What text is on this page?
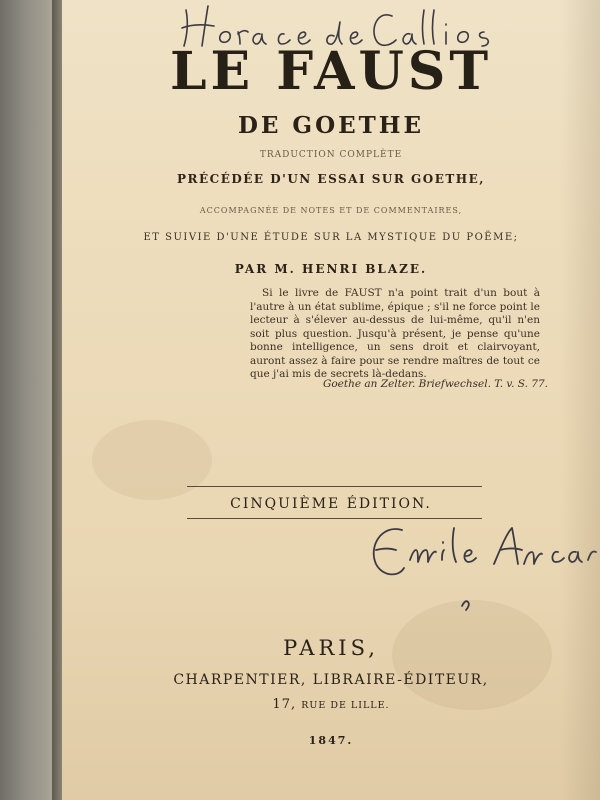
LE FAUST
DE GOETHE
TRADUCTION COMPLÈTE
PRÉCÉDÉE D'UN ESSAI SUR GOETHE,
ACCOMPAGNÉE DE NOTES ET DE COMMENTAIRES,
ET SUIVIE D'UNE ÉTUDE SUR LA MYSTIQUE DU POËME;
PAR M. HENRI BLAZE.
Si le livre de FAUST n'a point trait d'un bout à l'autre à un état sublime, épique ; s'il ne force point le lecteur à s'élever au-dessus de lui-même, qu'il n'en soit plus question. Jusqu'à présent, je pense qu'une bonne intelligence, un sens droit et clairvoyant, auront assez à faire pour se rendre maîtres de tout ce que j'ai mis de secrets là-dedans.
Goethe an Zelter. Briefwechsel. T. v. S. 77.
CINQUIÈME ÉDITION.
PARIS,
CHARPENTIER, LIBRAIRE-ÉDITEUR,
17, RUE DE LILLE.
1847.
